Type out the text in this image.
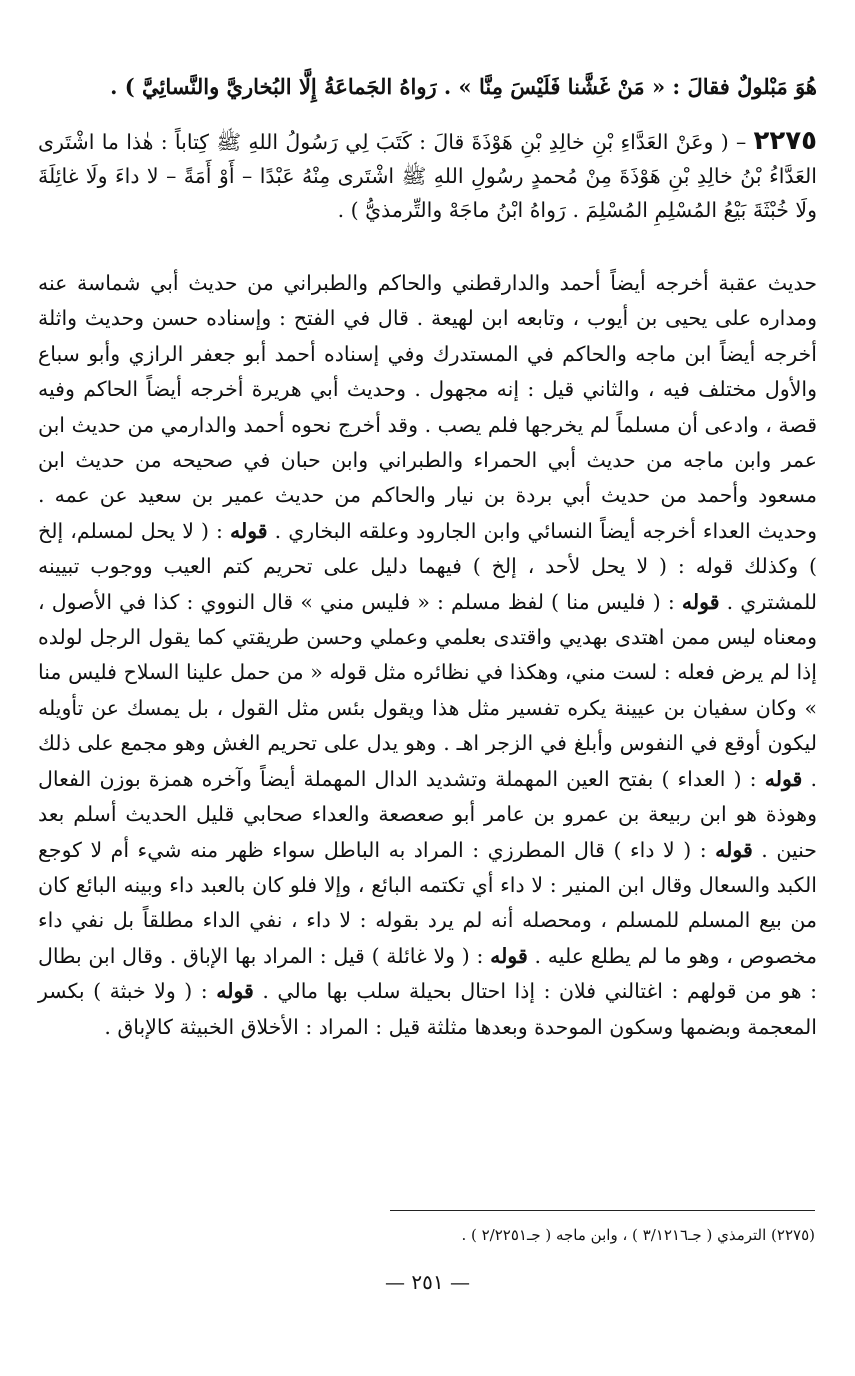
هُوَ مَبْلولٌ فقالَ : « مَنْ غَشَّنا فَلَيْسَ مِنَّا » . رَواهُ الجَماعَةُ إِلَّا البُخاريَّ والنَّسائِيَّ ) .
٢٢٧٥ – ( وعَنْ العَدَّاءِ بْنِ خالِدِ بْنِ هَوْذَةَ قالَ : كَتَبَ لِي رَسُولُ اللهِ ﷺ كِتاباً : هٰذا ما اشْتَرى العَدَّاءُ بْنُ خالِدِ بْنِ هَوْذَةَ مِنْ مُحمدٍ رسُولِ اللهِ ﷺ اشْتَرى مِنْهُ عَبْدًا – أَوْ أَمَةً – لا داءَ ولَا غائِلَةَ ولَا خُبْثَةَ بَيْعُ المُسْلِمِ المُسْلِمَ . رَواهُ ابْنُ ماجَهْ والتِّرمذيُّ ) .

حديث عقبة أخرجه أيضاً أحمد والدارقطني والحاكم والطبراني من حديث أبي شماسة عنه ومداره على يحيى بن أيوب ، وتابعه ابن لهيعة . قال في الفتح : وإسناده حسن وحديث واثلة أخرجه أيضاً ابن ماجه والحاكم في المستدرك وفي إسناده أحمد أبو جعفر الرازي وأبو سباع والأول مختلف فيه ، والثاني قيل : إنه مجهول . وحديث أبي هريرة أخرجه أيضاً الحاكم وفيه قصة ، وادعى أن مسلماً لم يخرجها فلم يصب . وقد أخرج نحوه أحمد والدارمي من حديث ابن عمر وابن ماجه من حديث أبي الحمراء والطبراني وابن حبان في صحيحه من حديث ابن مسعود وأحمد من حديث أبي بردة بن نيار والحاكم من حديث عمير بن سعيد عن عمه . وحديث العداء أخرجه أيضاً النسائي وابن الجارود وعلقه البخاري . قوله : ( لا يحل لمسلم، إلخ ) وكذلك قوله : ( لا يحل لأحد ، إلخ ) فيهما دليل على تحريم كتم العيب ووجوب تبيينه للمشتري . قوله : ( فليس منا ) لفظ مسلم : « فليس مني » قال النووي : كذا في الأصول ، ومعناه ليس ممن اهتدى بهديي واقتدى بعلمي وعملي وحسن طريقتي كما يقول الرجل لولده إذا لم يرض فعله : لست مني، وهكذا في نظائره مثل قوله « من حمل علينا السلاح فليس منا » وكان سفيان بن عيينة يكره تفسير مثل هذا ويقول بئس مثل القول ، بل يمسك عن تأويله ليكون أوقع في النفوس وأبلغ في الزجر اهـ . وهو يدل على تحريم الغش وهو مجمع على ذلك . قوله : ( العداء ) بفتح العين المهملة وتشديد الدال المهملة أيضاً وآخره همزة بوزن الفعال وهوذة هو ابن ربيعة بن عمرو بن عامر أبو صعصعة والعداء صحابي قليل الحديث أسلم بعد حنين . قوله : ( لا داء ) قال المطرزي : المراد به الباطل سواء ظهر منه شيء أم لا كوجع الكبد والسعال وقال ابن المنير : لا داء أي تكتمه البائع ، وإلا فلو كان بالعبد داء وبينه البائع كان من بيع المسلم للمسلم ، ومحصله أنه لم يرد بقوله : لا داء ، نفي الداء مطلقاً بل نفي داء مخصوص ، وهو ما لم يطلع عليه . قوله : ( ولا غائلة ) قيل : المراد بها الإباق . وقال ابن بطال : هو من قولهم : اغتالني فلان : إذا احتال بحيلة سلب بها مالي . قوله : ( ولا خبثة ) بكسر المعجمة وبضمها وسكون الموحدة وبعدها مثلثة قيل : المراد : الأخلاق الخبيثة كالإباق .

(٢٢٧٥) الترمذي ( جـ٣/١٢١٦ ) ، وابن ماجه ( جـ٢/٢٢٥١ ) .
— ٢٥١ —
